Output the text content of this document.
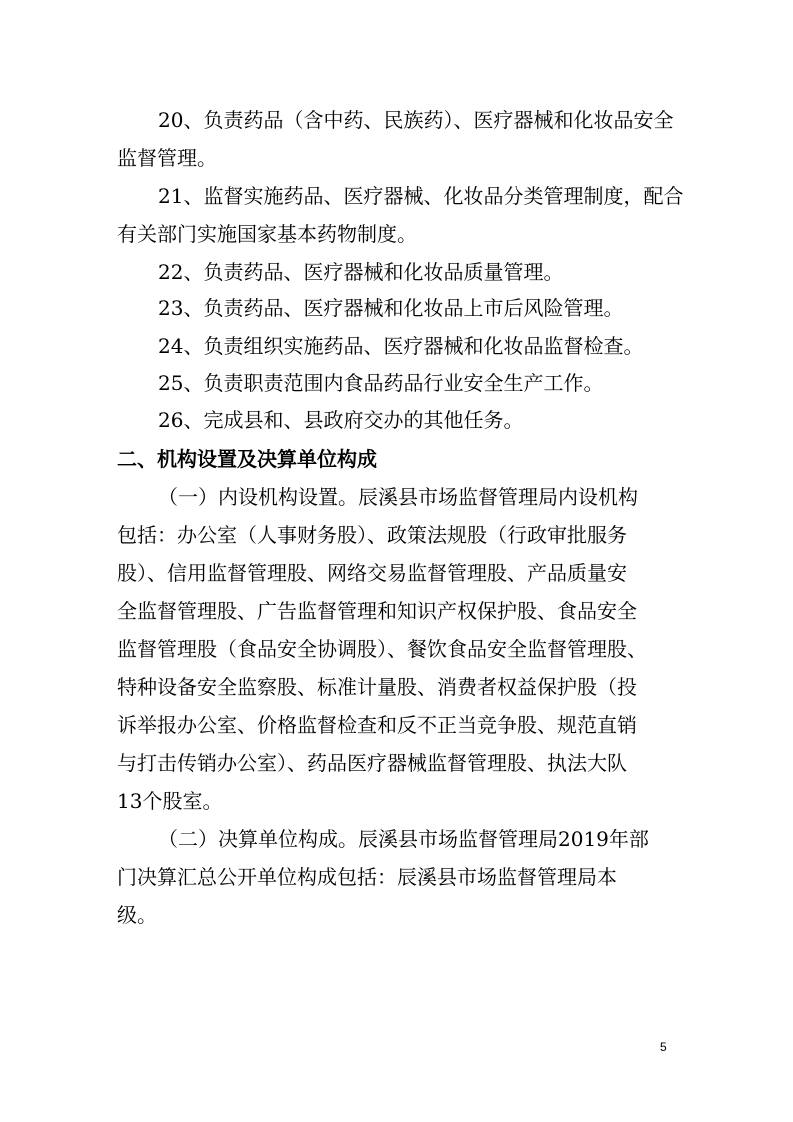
20、负责药品（含中药、民族药）、医疗器械和化妆品安全
监督管理。
21、监督实施药品、医疗器械、化妆品分类管理制度，配合
有关部门实施国家基本药物制度。
22、负责药品、医疗器械和化妆品质量管理。
23、负责药品、医疗器械和化妆品上市后风险管理。
24、负责组织实施药品、医疗器械和化妆品监督检查。
25、负责职责范围内食品药品行业安全生产工作。
26、完成县和、县政府交办的其他任务。
二、机构设置及决算单位构成
（一）内设机构设置。辰溪县市场监督管理局内设机构
包括：办公室（人事财务股）、政策法规股（行政审批服务
股）、信用监督管理股、网络交易监督管理股、产品质量安
全监督管理股、广告监督管理和知识产权保护股、食品安全
监督管理股（食品安全协调股）、餐饮食品安全监督管理股、
特种设备安全监察股、标准计量股、消费者权益保护股（投
诉举报办公室、价格监督检查和反不正当竞争股、规范直销
与打击传销办公室）、药品医疗器械监督管理股、执法大队
13个股室。
（二）决算单位构成。辰溪县市场监督管理局2019年部
门决算汇总公开单位构成包括：辰溪县市场监督管理局本
级。
5
